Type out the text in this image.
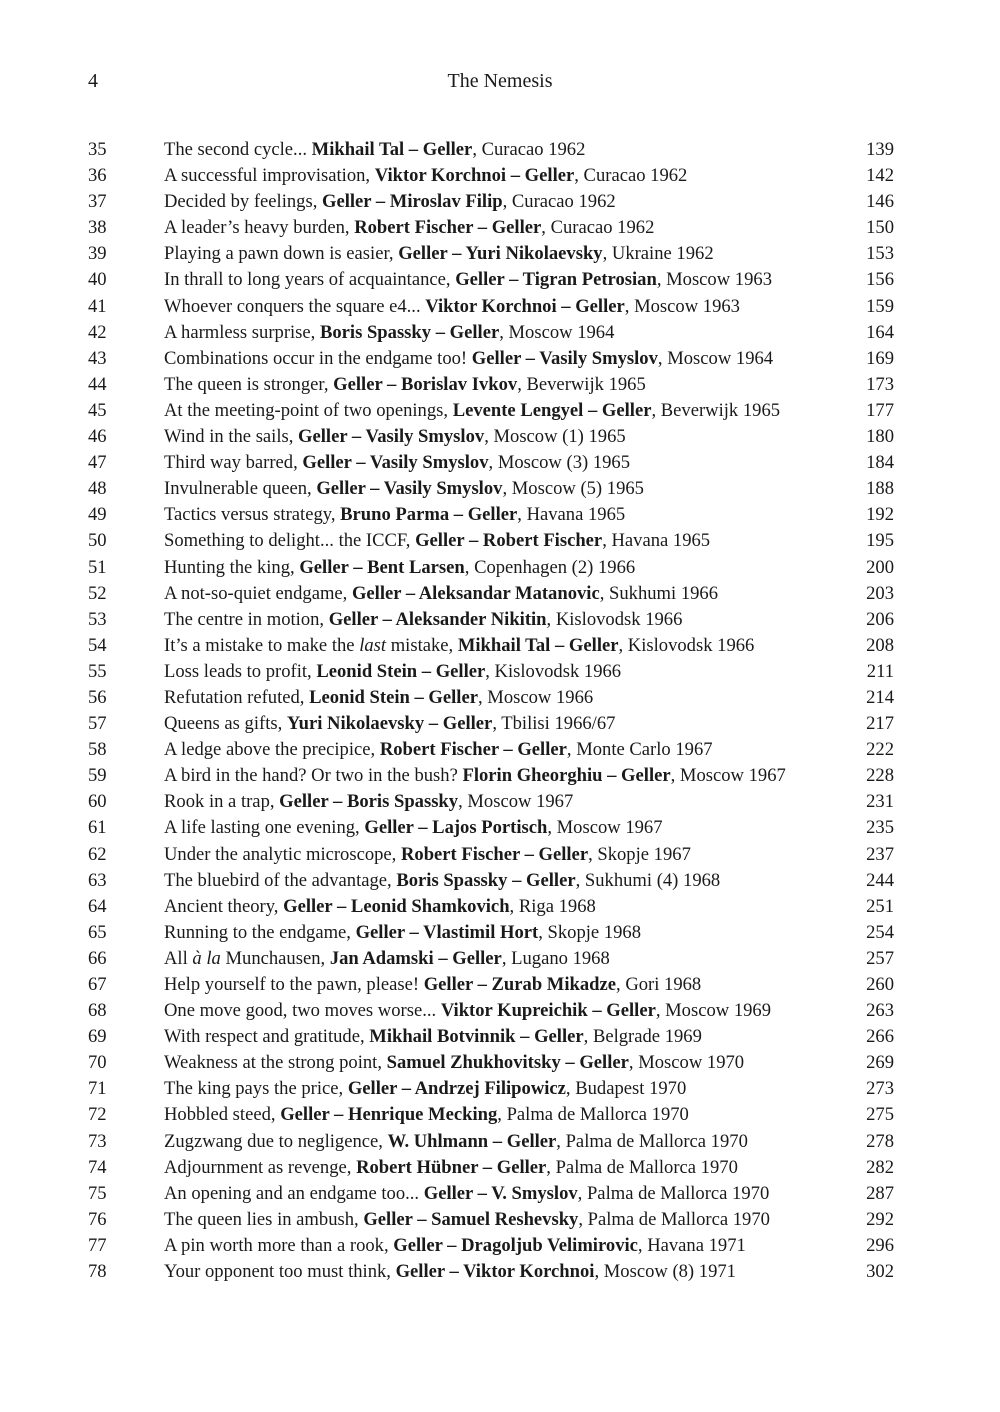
4	The Nemesis
35	The second cycle... Mikhail Tal – Geller, Curacao 1962	139
36	A successful improvisation, Viktor Korchnoi – Geller, Curacao 1962	142
37	Decided by feelings, Geller – Miroslav Filip, Curacao 1962	146
38	A leader’s heavy burden, Robert Fischer – Geller, Curacao 1962	150
39	Playing a pawn down is easier, Geller – Yuri Nikolaevsky, Ukraine 1962	153
40	In thrall to long years of acquaintance, Geller – Tigran Petrosian, Moscow 1963	156
41	Whoever conquers the square e4... Viktor Korchnoi – Geller, Moscow 1963	159
42	A harmless surprise, Boris Spassky – Geller, Moscow 1964	164
43	Combinations occur in the endgame too! Geller – Vasily Smyslov, Moscow 1964	169
44	The queen is stronger, Geller – Borislav Ivkov, Beverwijk 1965	173
45	At the meeting-point of two openings, Levente Lengyel – Geller, Beverwijk 1965	177
46	Wind in the sails, Geller – Vasily Smyslov, Moscow (1) 1965	180
47	Third way barred, Geller – Vasily Smyslov, Moscow (3) 1965	184
48	Invulnerable queen, Geller – Vasily Smyslov, Moscow (5) 1965	188
49	Tactics versus strategy, Bruno Parma – Geller, Havana 1965	192
50	Something to delight... the ICCF, Geller – Robert Fischer, Havana 1965	195
51	Hunting the king, Geller – Bent Larsen, Copenhagen (2) 1966	200
52	A not-so-quiet endgame, Geller – Aleksandar Matanovic, Sukhumi 1966	203
53	The centre in motion, Geller – Aleksander Nikitin, Kislovodsk 1966	206
54	It’s a mistake to make the last mistake, Mikhail Tal – Geller, Kislovodsk 1966	208
55	Loss leads to profit, Leonid Stein – Geller, Kislovodsk 1966	211
56	Refutation refuted, Leonid Stein – Geller, Moscow 1966	214
57	Queens as gifts, Yuri Nikolaevsky – Geller, Tbilisi 1966/67	217
58	A ledge above the precipice, Robert Fischer – Geller, Monte Carlo 1967	222
59	A bird in the hand? Or two in the bush? Florin Gheorghiu – Geller, Moscow 1967	228
60	Rook in a trap, Geller – Boris Spassky, Moscow 1967	231
61	A life lasting one evening, Geller – Lajos Portisch, Moscow 1967	235
62	Under the analytic microscope, Robert Fischer – Geller, Skopje 1967	237
63	The bluebird of the advantage, Boris Spassky – Geller, Sukhumi (4) 1968	244
64	Ancient theory, Geller – Leonid Shamkovich, Riga 1968	251
65	Running to the endgame, Geller – Vlastimil Hort, Skopje 1968	254
66	All à la Munchausen, Jan Adamski – Geller, Lugano 1968	257
67	Help yourself to the pawn, please! Geller – Zurab Mikadze, Gori 1968	260
68	One move good, two moves worse... Viktor Kupreichik – Geller, Moscow 1969	263
69	With respect and gratitude, Mikhail Botvinnik – Geller, Belgrade 1969	266
70	Weakness at the strong point, Samuel Zhukhovitsky – Geller, Moscow 1970	269
71	The king pays the price, Geller – Andrzej Filipowicz, Budapest 1970	273
72	Hobbled steed, Geller – Henrique Mecking, Palma de Mallorca 1970	275
73	Zugzwang due to negligence, W. Uhlmann – Geller, Palma de Mallorca 1970	278
74	Adjournment as revenge, Robert Hübner – Geller, Palma de Mallorca 1970	282
75	An opening and an endgame too... Geller – V. Smyslov, Palma de Mallorca 1970	287
76	The queen lies in ambush, Geller – Samuel Reshevsky, Palma de Mallorca 1970	292
77	A pin worth more than a rook, Geller – Dragoljub Velimirovic, Havana 1971	296
78	Your opponent too must think, Geller – Viktor Korchnoi, Moscow (8) 1971	302
